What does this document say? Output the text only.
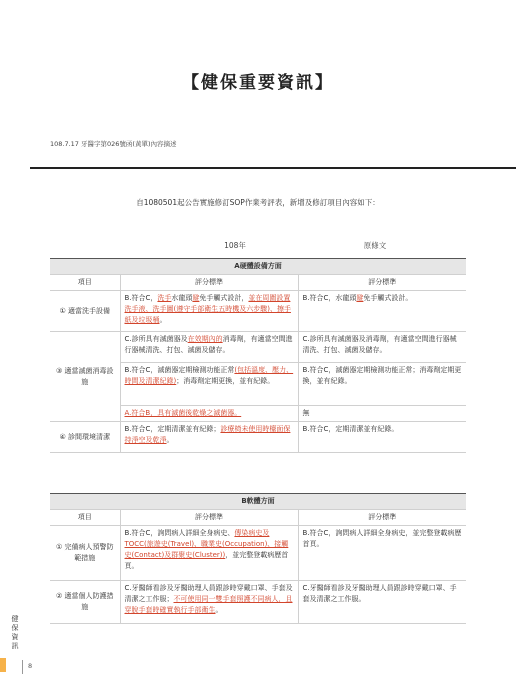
【健保重要資訊】
108.7.17 牙醫字第026號函(黃單)內容摘述
自1080501起公告實施修訂SOP作業考評表，新增及修訂項目內容如下：
108年	原條文
A硬體設備方面		
項目	評分標準	評分標準
① 適當洗手設備	B.符合C，洗手水龍頭避免手觸式設計，並在周圍設置洗手液、洗手圖(遵守手部衛生五時機及六步驟)、擦手紙及垃圾桶。	B.符合C，水龍頭避免手觸式設計。
③ 適當滅菌消毒設施	C.診所具有滅菌器及在效期內的消毒劑，有適當空間進行器械清洗、打包、滅菌及儲存。	C.診所具有滅菌器及消毒劑，有適當空間進行器械清洗、打包、滅菌及儲存。
	B.符合C，滅菌器定期檢測功能正常(包括溫度、壓力、時間及清潔紀錄)；消毒劑定期更換，並有紀錄。	B.符合C，滅菌器定期檢測功能正常；消毒劑定期更換，並有紀錄。
	A.符合B，具有滅菌後乾燥之滅菌器。	無
④ 診間環境清潔	B.符合C，定期清潔並有紀錄；診療椅未使用時檯面保持淨空及乾淨。	B.符合C，定期清潔並有紀錄。
B軟體方面		
項目	評分標準	評分標準
① 完備病人預警防範措施	B.符合C，詢問病人詳細全身病史、傳染病史及TOCC(旅遊史(Travel)、職業史(Occupation)、接觸史(Contact)及群聚史(Cluster))，並完整登載病歷首頁。	B.符合C，詢問病人詳細全身病史，並完整登載病歷首頁。
② 適當個人防護措施	C.牙醫師看診及牙醫助理人員跟診時穿戴口罩、手套及清潔之工作服；不可使用同一雙手套照護不同病人，且穿脫手套時確實執行手部衛生。	C.牙醫師看診及牙醫助理人員跟診時穿戴口罩、手套及清潔之工作服。
健保資訊
8
